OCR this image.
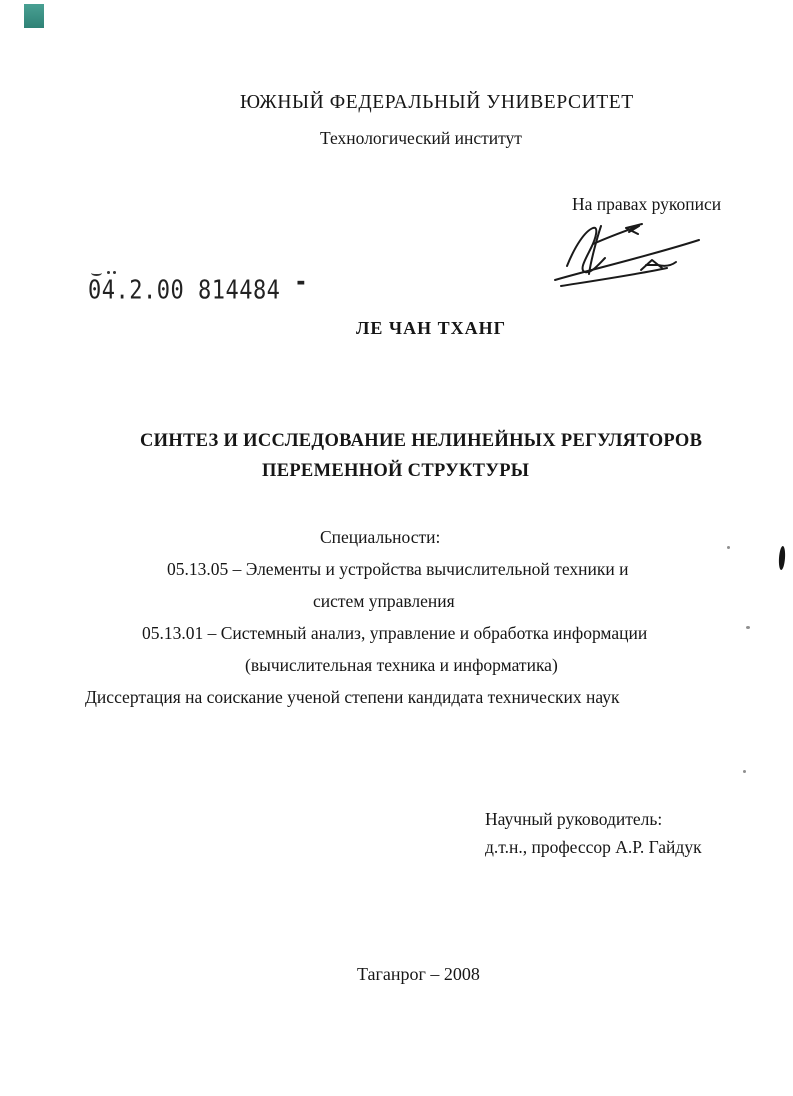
ЮЖНЫЙ ФЕДЕРАЛЬНЫЙ УНИВЕРСИТЕТ
Технологический институт
На правах рукописи
04.2.00 814484 -
ЛЕ ЧАН ТХАНГ
СИНТЕЗ И ИССЛЕДОВАНИЕ НЕЛИНЕЙНЫХ РЕГУЛЯТОРОВ
ПЕРЕМЕННОЙ СТРУКТУРЫ
Специальности:
05.13.05 – Элементы и устройства вычислительной техники и
систем управления
05.13.01 – Системный анализ, управление и обработка информации
(вычислительная техника и информатика)
Диссертация на соискание ученой степени кандидата технических наук
Научный руководитель:
д.т.н., профессор А.Р. Гайдук
Таганрог – 2008
